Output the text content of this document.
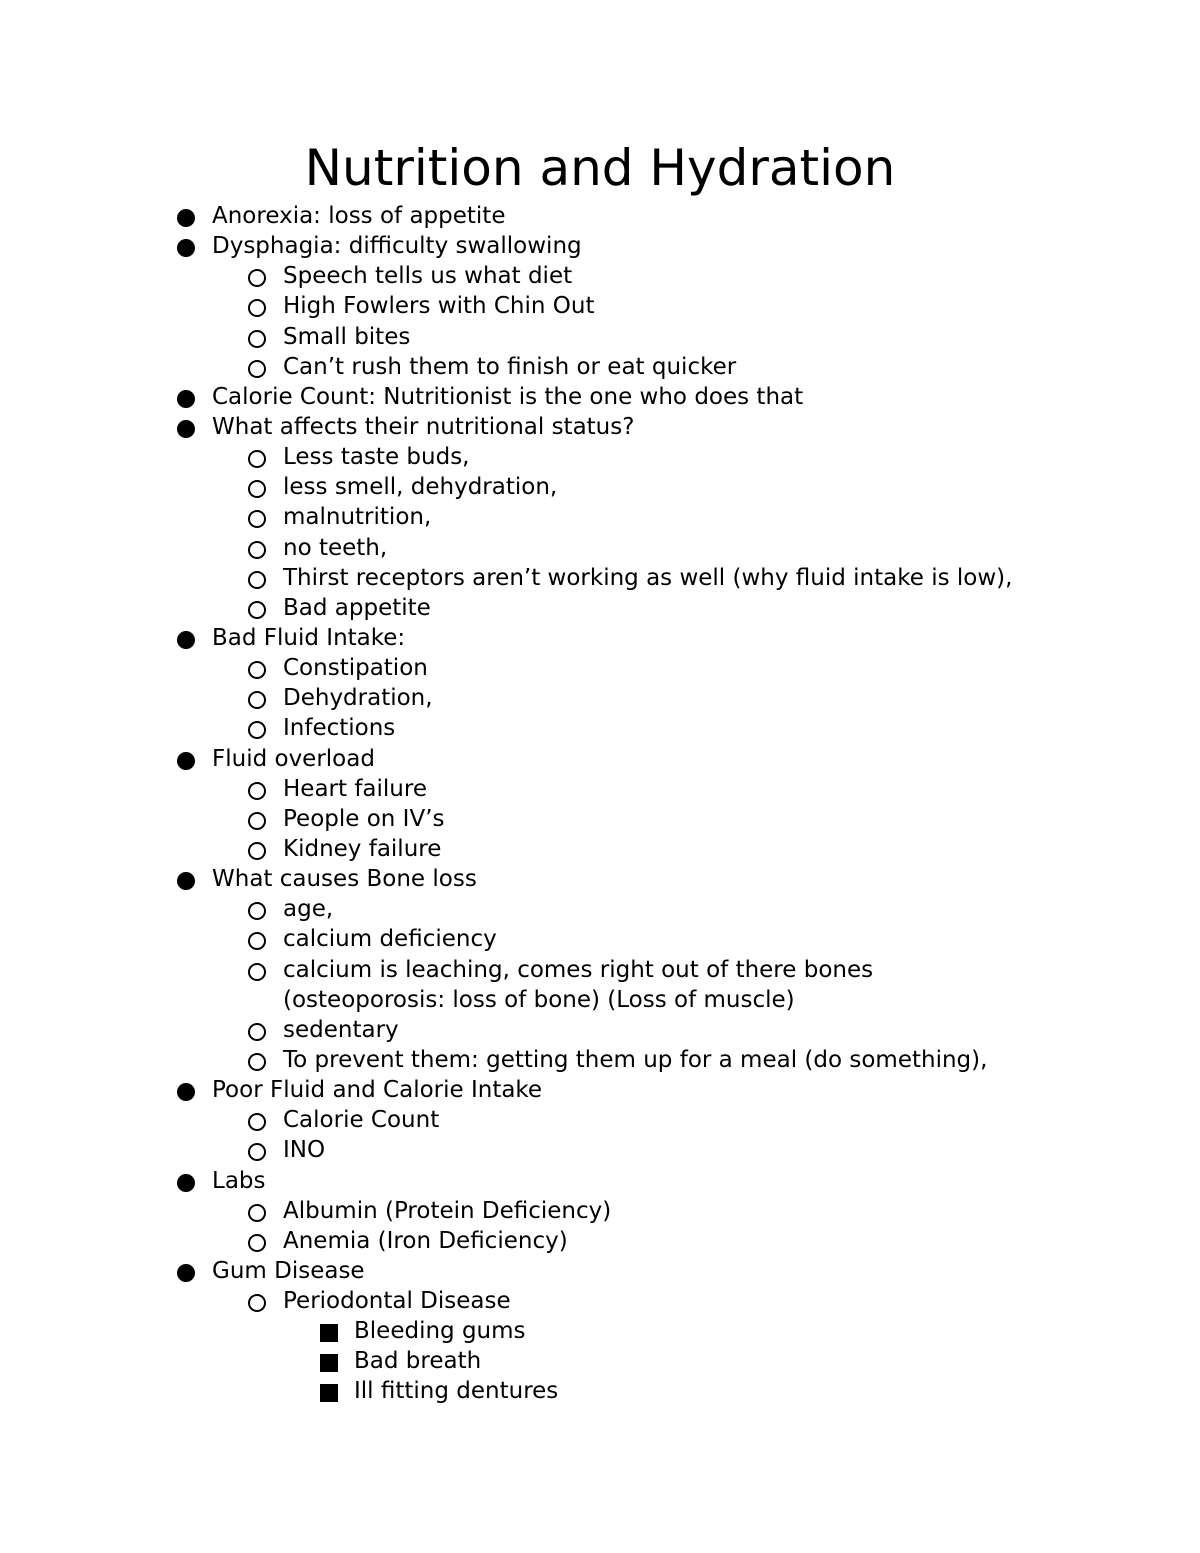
Nutrition and Hydration
Anorexia: loss of appetite
Dysphagia: difficulty swallowing
Speech tells us what diet
High Fowlers with Chin Out
Small bites
Can’t rush them to finish or eat quicker
Calorie Count: Nutritionist is the one who does that
What affects their nutritional status?
Less taste buds,
less smell, dehydration,
malnutrition,
no teeth,
Thirst receptors aren’t working as well (why fluid intake is low),
Bad appetite
Bad Fluid Intake:
Constipation
Dehydration,
Infections
Fluid overload
Heart failure
People on IV’s
Kidney failure
What causes Bone loss
age,
calcium deficiency
calcium is leaching, comes right out of there bones
(osteoporosis: loss of bone) (Loss of muscle)
sedentary
To prevent them: getting them up for a meal (do something),
Poor Fluid and Calorie Intake
Calorie Count
INO
Labs
Albumin (Protein Deficiency)
Anemia (Iron Deficiency)
Gum Disease
Periodontal Disease
Bleeding gums
Bad breath
Ill fitting dentures
